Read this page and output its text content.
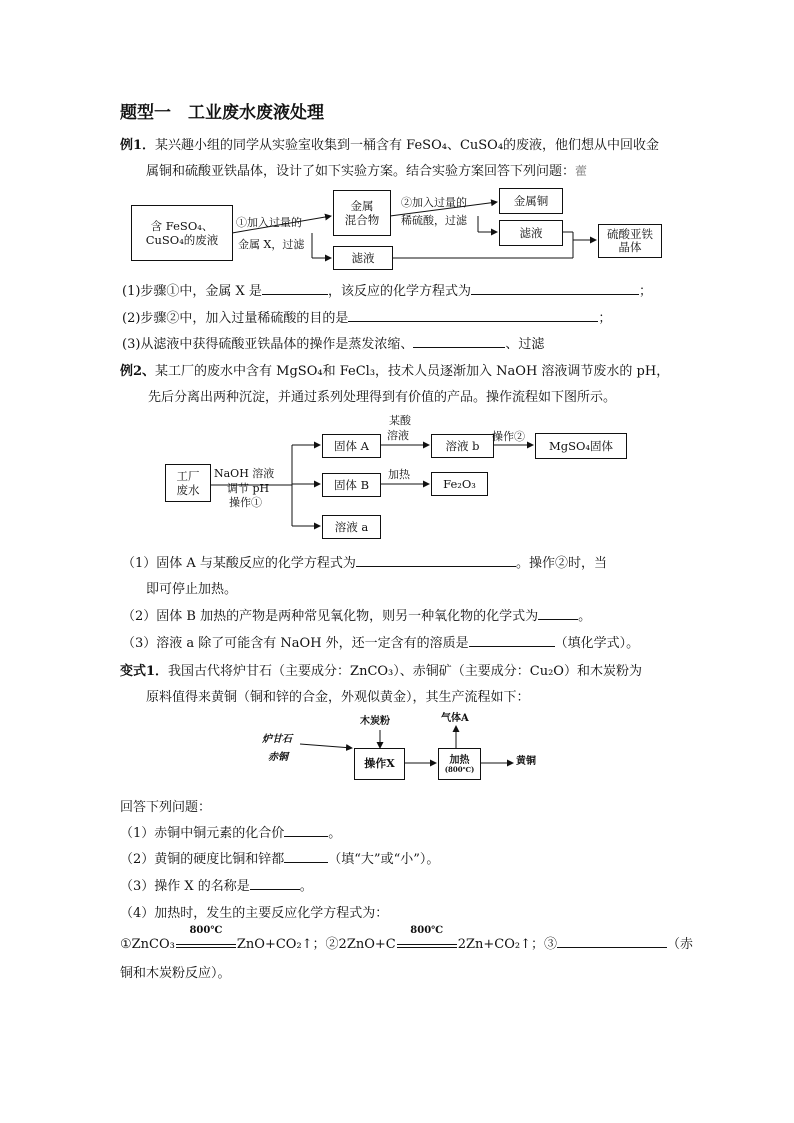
题型一　工业废水废液处理
例1．某兴趣小组的同学从实验室收集到一桶含有 FeSO₄、CuSO₄的废液，他们想从中回收金
属铜和硫酸亚铁晶体，设计了如下实验方案。结合实验方案回答下列问题：藿
含 FeSO₄、CuSO₄的废液
①加入过量的
金属 X，过滤
金属
混合物
②加入过量的
稀硫酸，过滤
金属铜
滤液
滤液
硫酸亚铁晶体
(1)步骤①中，金属 X 是	，该反应的化学方程式为	；
(2)步骤②中，加入过量稀硫酸的目的是	；
(3)从滤液中获得硫酸亚铁晶体的操作是蒸发浓缩、	、过滤
例2、某工厂的废水中含有 MgSO₄和 FeCl₃，技术人员逐渐加入 NaOH 溶液调节废水的 pH，
先后分离出两种沉淀，并通过系列处理得到有价值的产品。操作流程如下图所示。
工厂废水
NaOH 溶液
调节 pH
操作①
固体 A
某酸
溶液
溶液 b
操作②
MgSO₄固体
固体 B
加热
Fe₂O₃
溶液 a
（1）固体 A 与某酸反应的化学方程式为	。操作②时，当
即可停止加热。
（2）固体 B 加热的产物是两种常见氧化物，则另一种氧化物的化学式为	。
（3）溶液 a 除了可能含有 NaOH 外，还一定含有的溶质是	（填化学式）。
变式1．我国古代将炉甘石（主要成分：ZnCO₃）、赤铜矿（主要成分：Cu₂O）和木炭粉为
原料值得来黄铜（铜和锌的合金，外观似黄金），其生产流程如下：
炉甘石
赤铜
木炭粉
操作X
气体A
加热
(800℃)
黄铜
回答下列问题：
（1）赤铜中铜元素的化合价	。
（2）黄铜的硬度比铜和锌都	（填“大”或“小”）。
（3）操作 X 的名称是	。
（4）加热时，发生的主要反应化学方程式为：
①ZnCO₃
800℃
ZnO+CO₂↑；②2ZnO+C
800℃
2Zn+CO₂↑；③	（赤
铜和木炭粉反应）。
